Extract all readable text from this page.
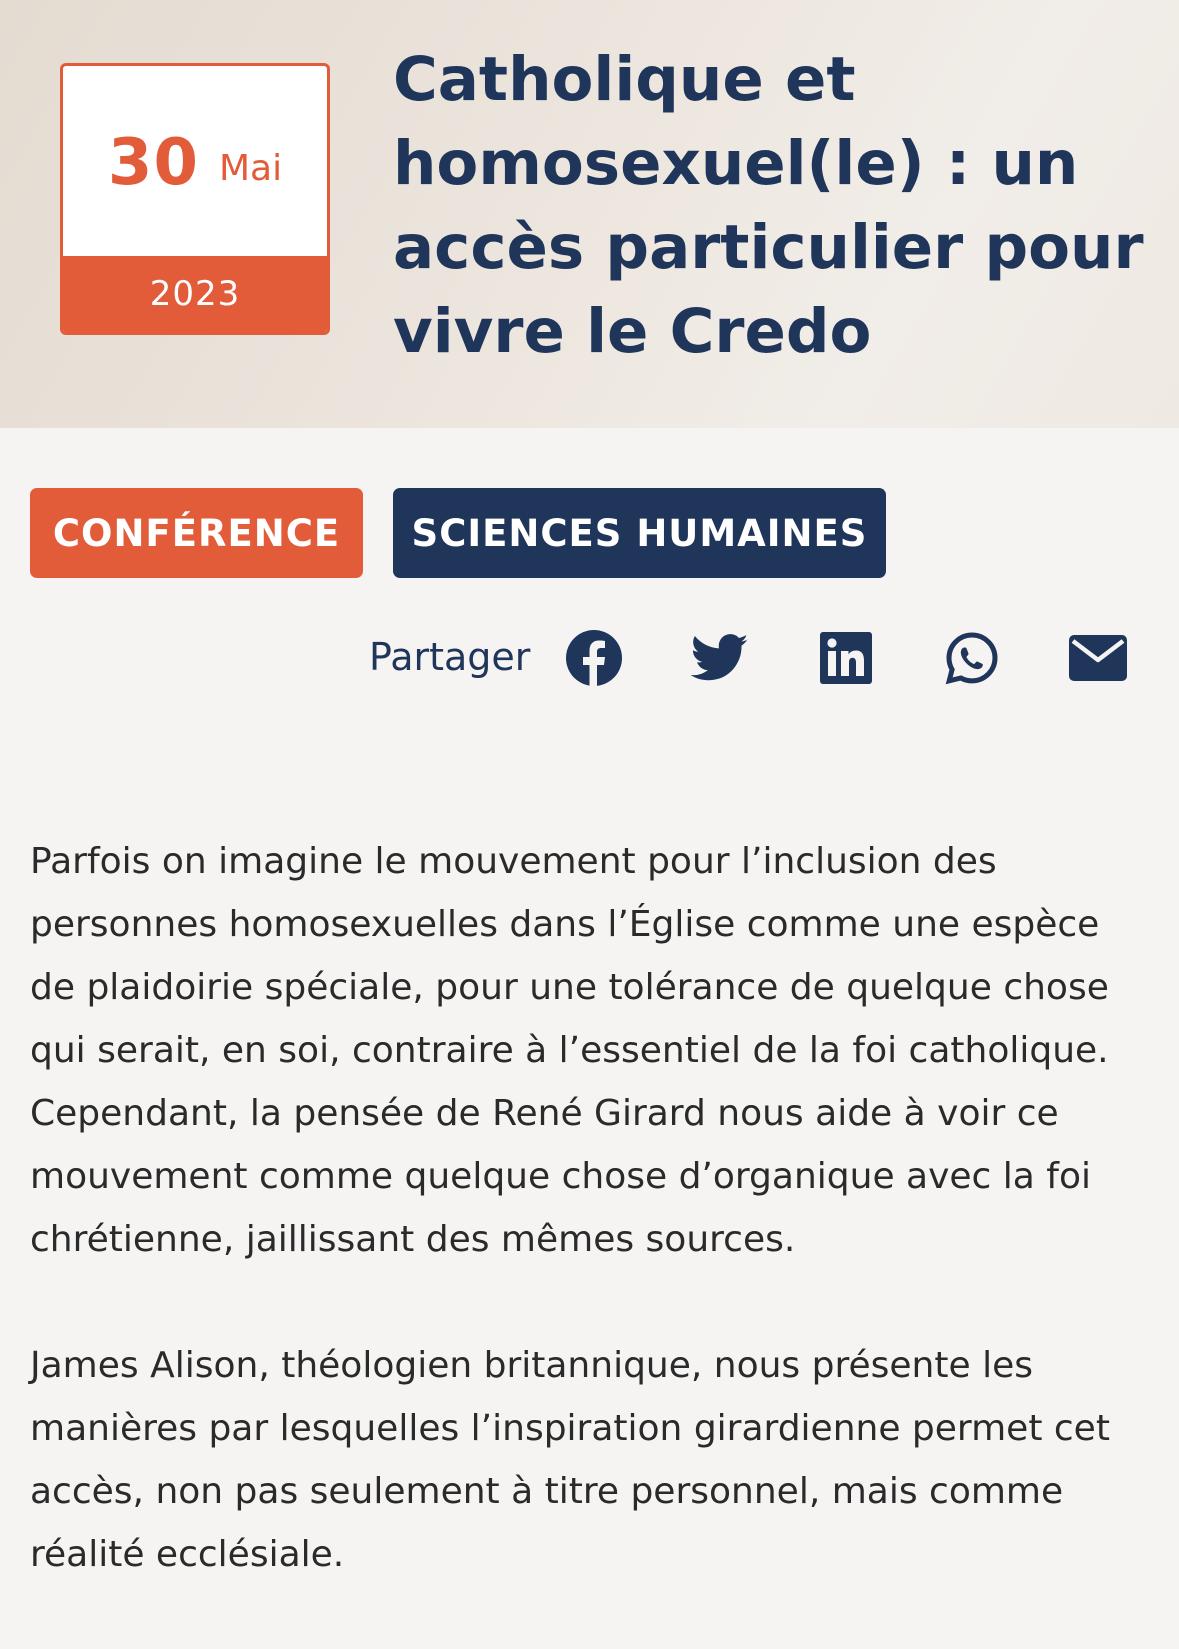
30 Mai
2023
Catholique et homosexuel(le) : un accès particulier pour vivre le Credo
CONFÉRENCE	SCIENCES HUMAINES
Partager

Parfois on imagine le mouvement pour l’inclusion des personnes homosexuelles dans l’Église comme une espèce de plaidoirie spéciale, pour une tolérance de quelque chose qui serait, en soi, contraire à l’essentiel de la foi catholique. Cependant, la pensée de René Girard nous aide à voir ce mouvement comme quelque chose d’organique avec la foi chrétienne, jaillissant des mêmes sources.

James Alison, théologien britannique, nous présente les manières par lesquelles l’inspiration girardienne permet cet accès, non pas seulement à titre personnel, mais comme réalité ecclésiale.
